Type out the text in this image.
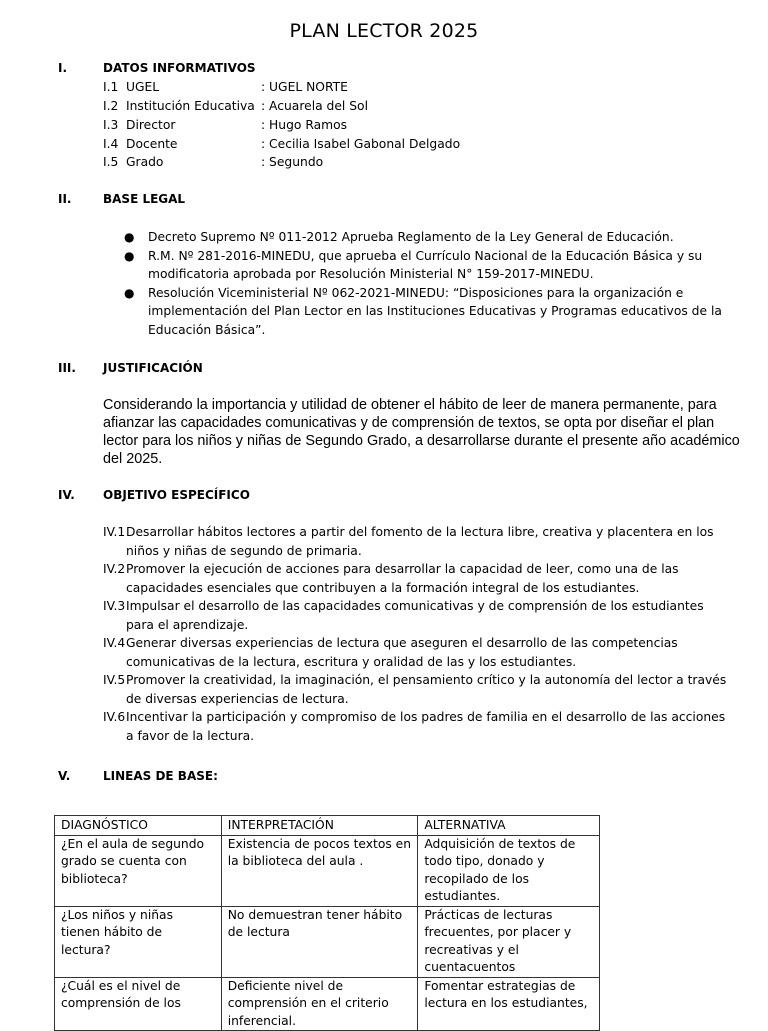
PLAN LECTOR 2025
I.	DATOS INFORMATIVOS
I.1 UGEL	: UGEL NORTE
I.2 Institución Educativa : Acuarela del Sol
I.3 Director	: Hugo Ramos
I.4 Docente	: Cecilia Isabel Gabonal Delgado
I.5 Grado	: Segundo
II.	BASE LEGAL
● Decreto Supremo Nº 011-2012 Aprueba Reglamento de la Ley General de Educación.
● R.M. Nº 281-2016-MINEDU, que aprueba el Currículo Nacional de la Educación Básica y su modificatoria aprobada por Resolución Ministerial N° 159-2017-MINEDU.
● Resolución Viceministerial Nº 062-2021-MINEDU: “Disposiciones para la organización e implementación del Plan Lector en las Instituciones Educativas y Programas educativos de la Educación Básica”.
III. JUSTIFICACIÓN
Considerando la importancia y utilidad de obtener el hábito de leer de manera permanente, para afianzar las capacidades comunicativas y de comprensión de textos, se opta por diseñar el plan lector para los niños y niñas de Segundo Grado, a desarrollarse durante el presente año académico del 2025.
IV. OBJETIVO ESPECÍFICO
IV.1 Desarrollar hábitos lectores a partir del fomento de la lectura libre, creativa y placentera en los niños y niñas de segundo de primaria.
IV.2 Promover la ejecución de acciones para desarrollar la capacidad de leer, como una de las capacidades esenciales que contribuyen a la formación integral de los estudiantes.
IV.3 Impulsar el desarrollo de las capacidades comunicativas y de comprensión de los estudiantes para el aprendizaje.
IV.4 Generar diversas experiencias de lectura que aseguren el desarrollo de las competencias comunicativas de la lectura, escritura y oralidad de las y los estudiantes.
IV.5 Promover la creatividad, la imaginación, el pensamiento crítico y la autonomía del lector a través de diversas experiencias de lectura.
IV.6 Incentivar la participación y compromiso de los padres de familia en el desarrollo de las acciones a favor de la lectura.
V.	LINEAS DE BASE:
DIAGNÓSTICO	INTERPRETACIÓN	ALTERNATIVA
¿En el aula de segundo grado se cuenta con biblioteca?	Existencia de pocos textos en la biblioteca del aula .	Adquisición de textos de todo tipo, donado y recopilado de los estudiantes.
¿Los niños y niñas tienen hábito de lectura?	No demuestran tener hábito de lectura	Prácticas de lecturas frecuentes, por placer y recreativas y el cuentacuentos
¿Cuál es el nivel de comprensión de los	Deficiente nivel de comprensión en el criterio inferencial.	Fomentar estrategias de lectura en los estudiantes,
